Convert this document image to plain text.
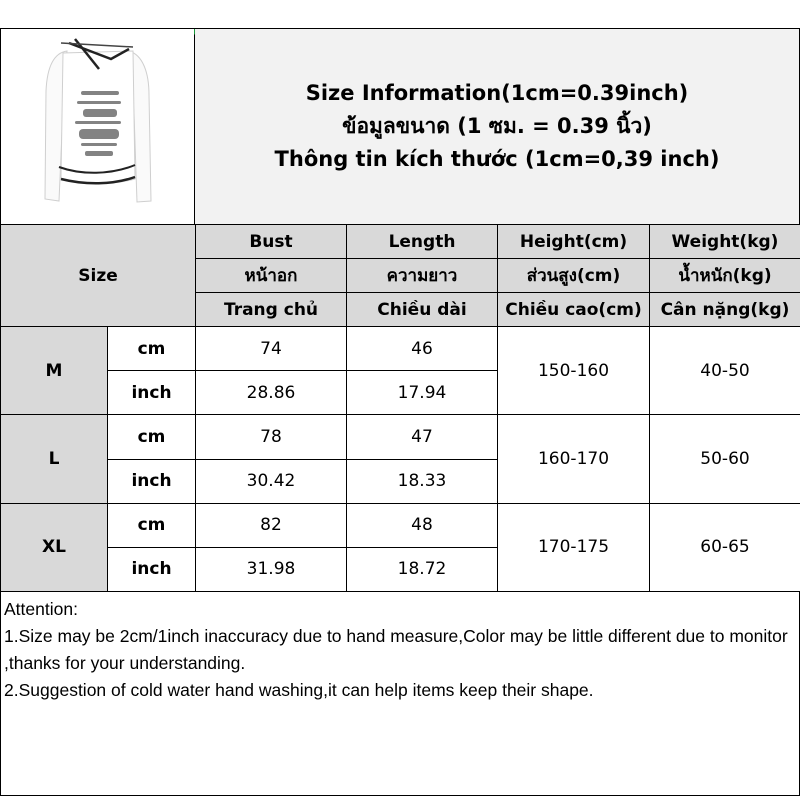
Size Information(1cm=0.39inch)
ข้อมูลขนาด (1 ซม. = 0.39 นิ้ว)
Thông tin kích thước (1cm=0,39 inch)
Size		Bust	Length	Height(cm)	Weight(kg)
		หน้าอก	ความยาว	ส่วนสูง(cm)	น้ำหนัก(kg)
		Trang chủ	Chiều dài	Chiều cao(cm)	Cân nặng(kg)
M	cm	74	46	150-160	40-50
	inch	28.86	17.94		
L	cm	78	47	160-170	50-60
	inch	30.42	18.33		
XL	cm	82	48	170-175	60-65
	inch	31.98	18.72		
Attention:
1.Size may be 2cm/1inch inaccuracy due to hand measure,Color may be little different due to monitor ,thanks for your understanding.
2.Suggestion of cold water hand washing,it can help items keep their shape.
